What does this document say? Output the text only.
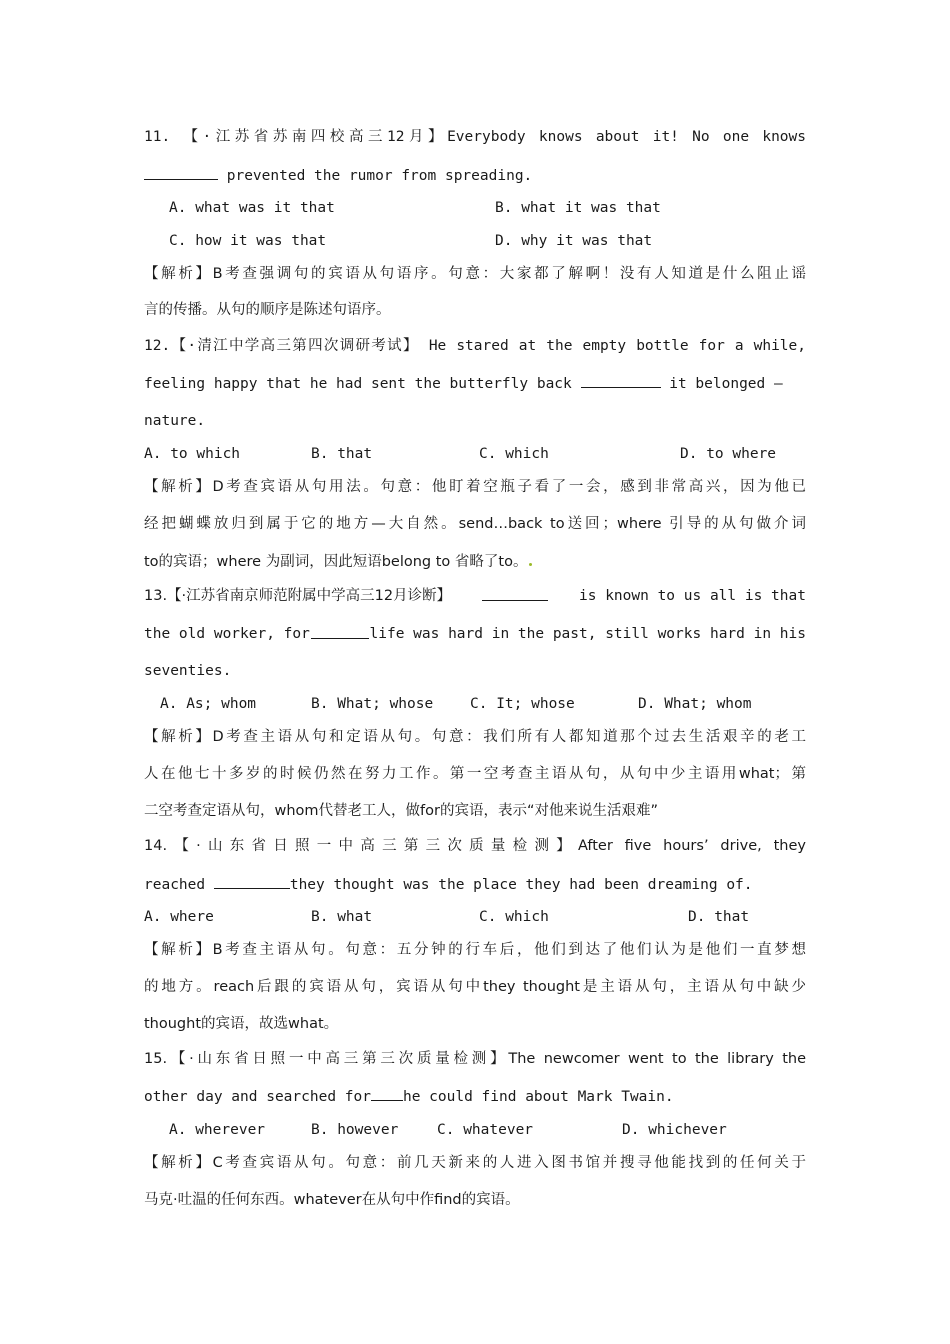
11. 【·江苏省苏南四校高三12月】Everybody knows about it! No one knows
prevented the rumor from spreading.
A. what was it that	B. what it was that
C. how it was that	D. why it was that
【解析】B考查强调句的宾语从句语序。句意：大家都了解啊！没有人知道是什么阻止谣
言的传播。从句的顺序是陈述句语序。
12.【·清江中学高三第四次调研考试】 He stared at the empty bottle for a while,
feeling happy that he had sent the butterfly back	it belonged —
nature.
A. to which	B. that	C. which	D. to where
【解析】D考查宾语从句用法。句意：他盯着空瓶子看了一会，感到非常高兴，因为他已
经把蝴蝶放归到属于它的地方—大自然。send…back to送回；where 引导的从句做介词
to的宾语；where 为副词，因此短语belong to 省略了to。
13.【·江苏省南京师范附属中学高三12月诊断】	is known to us all is that
the old worker, for	life was hard in the past, still works hard in his
seventies.
A. As; whom	B. What; whose	C. It; whose	D. What; whom
【解析】D考查主语从句和定语从句。句意：我们所有人都知道那个过去生活艰辛的老工
人在他七十多岁的时候仍然在努力工作。第一空考查主语从句，从句中少主语用what；第
二空考查定语从句，whom代替老工人，做for的宾语，表示“对他来说生活艰难”
14.【·山东省日照一中高三第三次质量检测】After five hours’ drive, they
reached	they thought was the place they had been dreaming of.
A. where	B. what	C. which	D. that
【解析】B考查主语从句。句意：五分钟的行车后，他们到达了他们认为是他们一直梦想
的地方。reach后跟的宾语从句，宾语从句中they thought是主语从句，主语从句中缺少
thought的宾语，故选what。
15.【·山东省日照一中高三第三次质量检测】The newcomer went to the library the
other day and searched for he could find about Mark Twain.
A. wherever	B. however	C. whatever	D. whichever
【解析】C考查宾语从句。句意：前几天新来的人进入图书馆并搜寻他能找到的任何关于
马克·吐温的任何东西。whatever在从句中作find的宾语。
